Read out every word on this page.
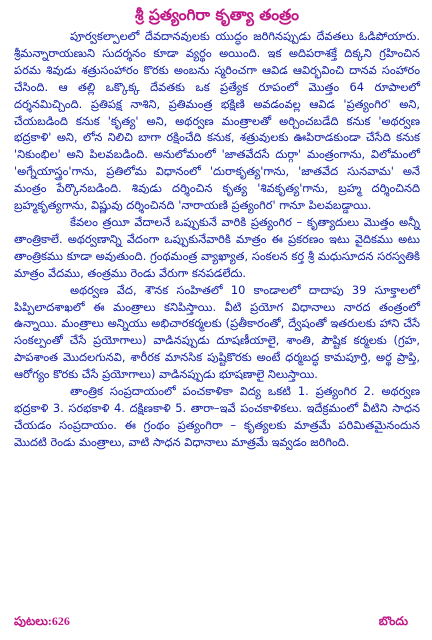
శ్రీ ప్రత్యంగిరా కృత్యా తంత్రం

పూర్వకల్పాలలో దేవదానవులకు యుద్ధం జరిగినప్పుడు దేవతలు ఓడిపోయారు. శ్రీమన్నారాయణుని సుదర్శనం కూడా వ్యర్థం అయింది. ఇక అదిపరాశక్తే దిక్కని గ్రహించిన పరమ శివుడు శత్రుసంహారం కొరకు అంబను స్మరించగా ఆవిడ ఆవిర్భవించి దానవ సంహారం చేసింది. ఆ తల్లి ఒక్కొక్క దేవతకు ఒక ప్రత్యేక రూపంలో మొత్తం 64 రూపాలలో దర్శనమిచ్చింది. ప్రతిపక్ష నాశిని, ప్రతిమంత్ర భక్షిణి అవడంవల్ల ఆవిడ 'ప్రత్యంగిర' అని, చేయబడింది కనుక 'కృత్య' అని, అథర్వణ మంత్రాలతో అర్చించబడేది కనుక 'అథర్వణ భద్రకాళి' అని, లోన నిలిచి బాగా రక్షించేది కనుక, శత్రువులకు ఊపిరాడకుండా చేసేది కనుక 'నికుంభిల' అని పిలవబడింది. అనులోమంలో 'జాతవేదసే దుర్గా' మంత్రంగాను, విలోమంలో 'అగ్నేయాస్త్రం'గాను, ప్రతిలోమ విధానంలో 'దురాకృత్య'గాను, 'జాతవేద సునవామ' అనే మంత్రం పేర్కొనబడింది. శివుడు దర్శించిన కృత్య 'శివకృత్య'గాను, బ్రహ్మ దర్శించినది బ్రహ్మకృత్యగాను, విష్ణువు దర్శించినది 'నారాయణి ప్రత్యంగిర' గానూ పిలవబడ్డాయి.

కేవలం త్రయీ వేదాలనే ఒప్పుకునే వారికి ప్రత్యంగిర – కృత్యాదులు మొత్తం అన్నీ తాంత్రికాలే. అథర్వణాన్ని వేదంగా ఒప్పుకునేవారికి మాత్రం ఈ ప్రకరణం ఇటు వైదికము అటు తాంత్రికము కూడా అవుతుంది. గ్రంథమంత్ర వ్యాఖ్యాత, సంకలన కర్త శ్రీ మధుసూదన సరస్వతికి మాత్రం వేదము, తంత్రము రెండు వేరుగా కనపడలేదు.

అథర్వణ వేద, శౌనక సంహితలో 10 కాండాలలో దాదాపు 39 సూక్తాలలో పిప్పిలాదశాఖలో ఈ మంత్రాలు కనిపిస్తాయి. వీటి ప్రయోగ విధానాలు నారద తంత్రంలో ఉన్నాయి. మంత్రాలు అన్నియు అభిచారకర్మలకు (ప్రతీకారంతో, ద్వేషంతో ఇతరులకు హాని చేసే సంకల్పంతో చేసే ప్రయోగాలు) వాడినప్పుడు దూషణీయాలై, శాంతి, పౌష్టిక కర్మలకు (గ్రహ, పాపశాంత మొదలగునవి, శారీరక మానసిక పుష్టికొరకు అంటే ధర్మబద్ధ కామపూర్తి, అర్థ ప్రాప్తి, ఆరోగ్యం కొరకు చేసే ప్రయోగాలు) వాడినప్పుడు భూషణాలై నిలుస్తాయి.

తాంత్రిక సంప్రదాయంలో పంచకాళికా విద్య ఒకటి 1. ప్రత్యంగిర 2. అథర్వణ భద్రకాళి 3. సరభకాళి 4. దక్షిణకాళి 5. తారా–ఇవే పంచకాళికలు. ఇదేక్రమంలో వీటిని సాధన చేయడం సంప్రదాయం. ఈ గ్రంథం ప్రత్యంగిరా – కృత్యలకు మాత్రమే పరిమితమైనందున మొదటి రెండు మంత్రాలు, వాటి సాధన విధానాలు మాత్రమే ఇవ్వడం జరిగింది.

పుటలు:626	బొందు
